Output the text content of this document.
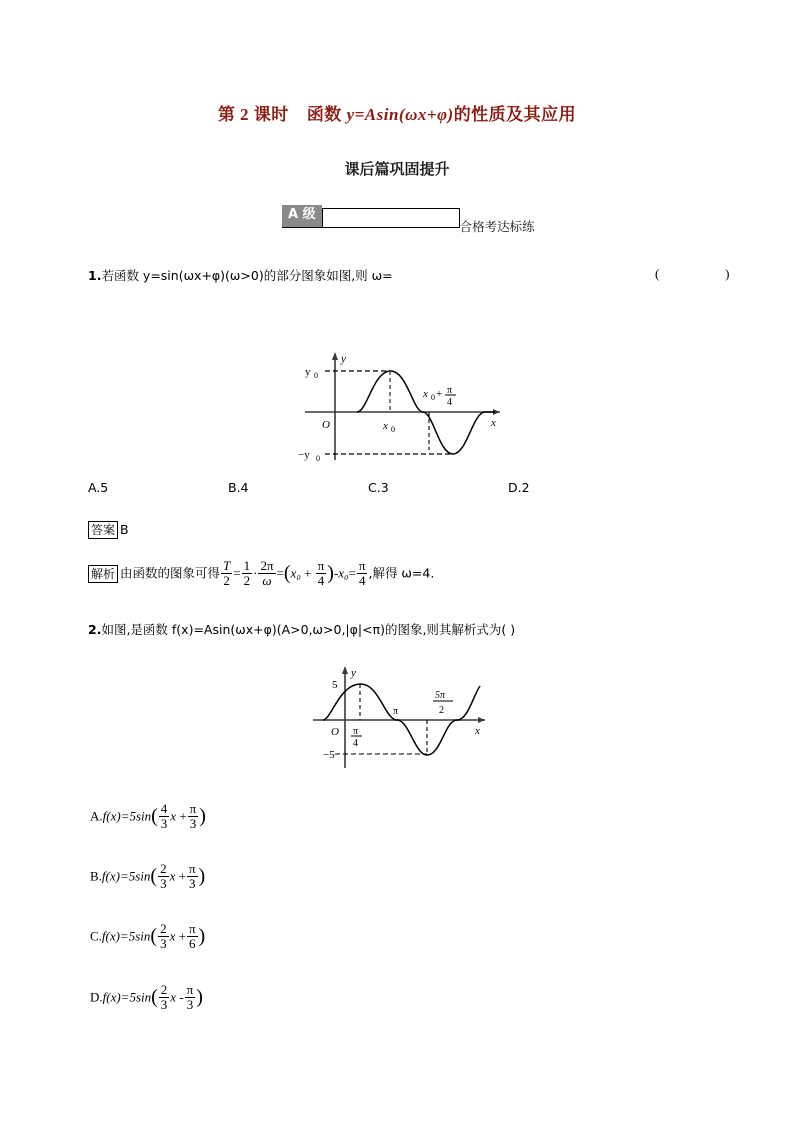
第 2 课时 函数 y=Asin(ωx+φ)的性质及其应用
课后篇巩固提升
A 级
合格考达标练
1.若函数 y=sin(ωx+φ)(ω>0)的部分图象如图,则 ω=	(   )
y
x
O
y 0
−y 0
x 0
x 0 + π
4
A.5	B.4	C.3	D.2
答案 B
解析 由函数的图象可得 $\frac{T}{2} = \frac{1}{2} \cdot \frac{2\pi}{\omega} =(x_0 + \frac{\pi}{4} )-x_0= \frac{\pi}{4}$ ,解得 ω=4.
2.如图,是函数 f(x)=Asin(ωx+φ)(A>0,ω>0,|φ|<π)的图象,则其解析式为( )
y
x
O
5
−5
π
4
π
5π
2
$A.f(x)=5\sin( \frac{4}{3}$ $x + \frac{\pi}{3}$ )
$B.f(x)=5\sin( \frac{2}{3}$ $x + \frac{\pi}{3}$ )
$C.f(x)=5\sin( \frac{2}{3}$ $x + \frac{\pi}{6}$ )
$D.f(x)=5\sin( \frac{2}{3}$ x - $\frac{\pi}{3}$ )
